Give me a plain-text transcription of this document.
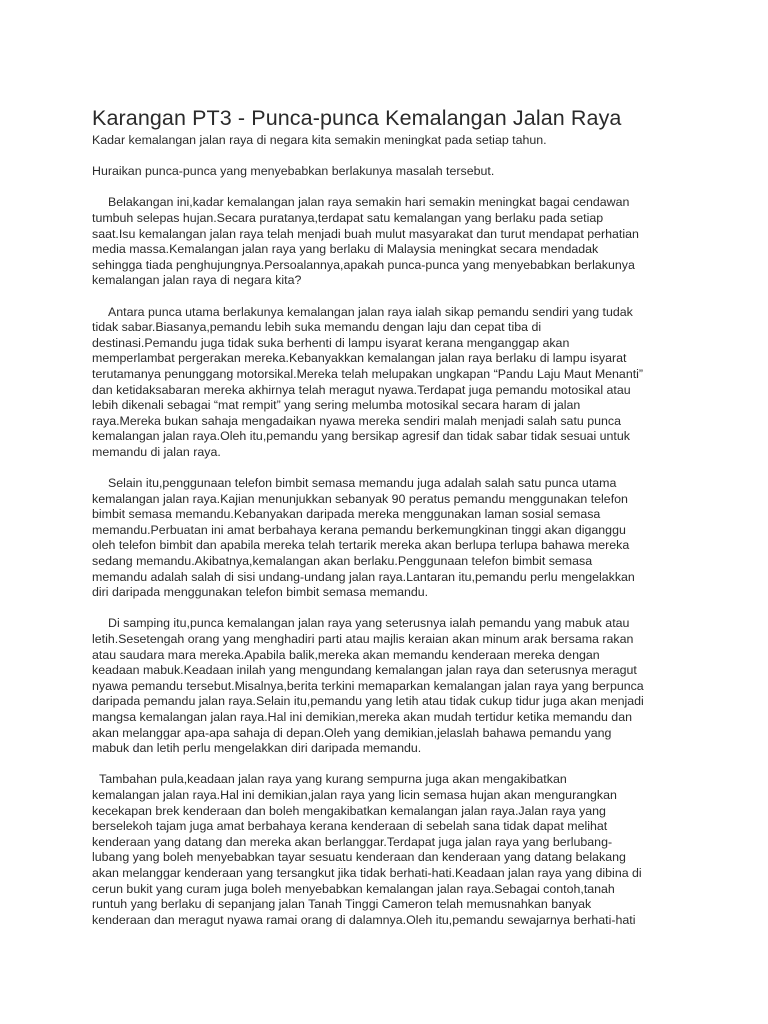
Karangan PT3 - Punca-punca Kemalangan Jalan Raya
Kadar kemalangan jalan raya di negara kita semakin meningkat pada setiap tahun.
Huraikan punca-punca yang menyebabkan berlakunya masalah tersebut.
Belakangan ini,kadar kemalangan jalan raya semakin hari semakin meningkat bagai cendawan
tumbuh selepas hujan.Secara puratanya,terdapat satu kemalangan yang berlaku pada setiap
saat.Isu kemalangan jalan raya telah menjadi buah mulut masyarakat dan turut mendapat perhatian
media massa.Kemalangan jalan raya yang berlaku di Malaysia meningkat secara mendadak
sehingga tiada penghujungnya.Persoalannya,apakah punca-punca yang menyebabkan berlakunya
kemalangan jalan raya di negara kita?
Antara punca utama berlakunya kemalangan jalan raya ialah sikap pemandu sendiri yang tudak
tidak sabar.Biasanya,pemandu lebih suka memandu dengan laju dan cepat tiba di
destinasi.Pemandu juga tidak suka berhenti di lampu isyarat kerana menganggap akan
memperlambat pergerakan mereka.Kebanyakkan kemalangan jalan raya berlaku di lampu isyarat
terutamanya penunggang motorsikal.Mereka telah melupakan ungkapan “Pandu Laju Maut Menanti”
dan ketidaksabaran mereka akhirnya telah meragut nyawa.Terdapat juga pemandu motosikal atau
lebih dikenali sebagai “mat rempit” yang sering melumba motosikal secara haram di jalan
raya.Mereka bukan sahaja mengadaikan nyawa mereka sendiri malah menjadi salah satu punca
kemalangan jalan raya.Oleh itu,pemandu yang bersikap agresif dan tidak sabar tidak sesuai untuk
memandu di jalan raya.
Selain itu,penggunaan telefon bimbit semasa memandu juga adalah salah satu punca utama
kemalangan jalan raya.Kajian menunjukkan sebanyak 90 peratus pemandu menggunakan telefon
bimbit semasa memandu.Kebanyakan daripada mereka menggunakan laman sosial semasa
memandu.Perbuatan ini amat berbahaya kerana pemandu berkemungkinan tinggi akan diganggu
oleh telefon bimbit dan apabila mereka telah tertarik mereka akan berlupa terlupa bahawa mereka
sedang memandu.Akibatnya,kemalangan akan berlaku.Penggunaan telefon bimbit semasa
memandu adalah salah di sisi undang-undang jalan raya.Lantaran itu,pemandu perlu mengelakkan
diri daripada menggunakan telefon bimbit semasa memandu.
Di samping itu,punca kemalangan jalan raya yang seterusnya ialah pemandu yang mabuk atau
letih.Sesetengah orang yang menghadiri parti atau majlis keraian akan minum arak bersama rakan
atau saudara mara mereka.Apabila balik,mereka akan memandu kenderaan mereka dengan
keadaan mabuk.Keadaan inilah yang mengundang kemalangan jalan raya dan seterusnya meragut
nyawa pemandu tersebut.Misalnya,berita terkini memaparkan kemalangan jalan raya yang berpunca
daripada pemandu jalan raya.Selain itu,pemandu yang letih atau tidak cukup tidur juga akan menjadi
mangsa kemalangan jalan raya.Hal ini demikian,mereka akan mudah tertidur ketika memandu dan
akan melanggar apa-apa sahaja di depan.Oleh yang demikian,jelaslah bahawa pemandu yang
mabuk dan letih perlu mengelakkan diri daripada memandu.
Tambahan pula,keadaan jalan raya yang kurang sempurna juga akan mengakibatkan
kemalangan jalan raya.Hal ini demikian,jalan raya yang licin semasa hujan akan mengurangkan
kecekapan brek kenderaan dan boleh mengakibatkan kemalangan jalan raya.Jalan raya yang
berselekoh tajam juga amat berbahaya kerana kenderaan di sebelah sana tidak dapat melihat
kenderaan yang datang dan mereka akan berlanggar.Terdapat juga jalan raya yang berlubang-
lubang yang boleh menyebabkan tayar sesuatu kenderaan dan kenderaan yang datang belakang
akan melanggar kenderaan yang tersangkut jika tidak berhati-hati.Keadaan jalan raya yang dibina di
cerun bukit yang curam juga boleh menyebabkan kemalangan jalan raya.Sebagai contoh,tanah
runtuh yang berlaku di sepanjang jalan Tanah Tinggi Cameron telah memusnahkan banyak
kenderaan dan meragut nyawa ramai orang di dalamnya.Oleh itu,pemandu sewajarnya berhati-hati
